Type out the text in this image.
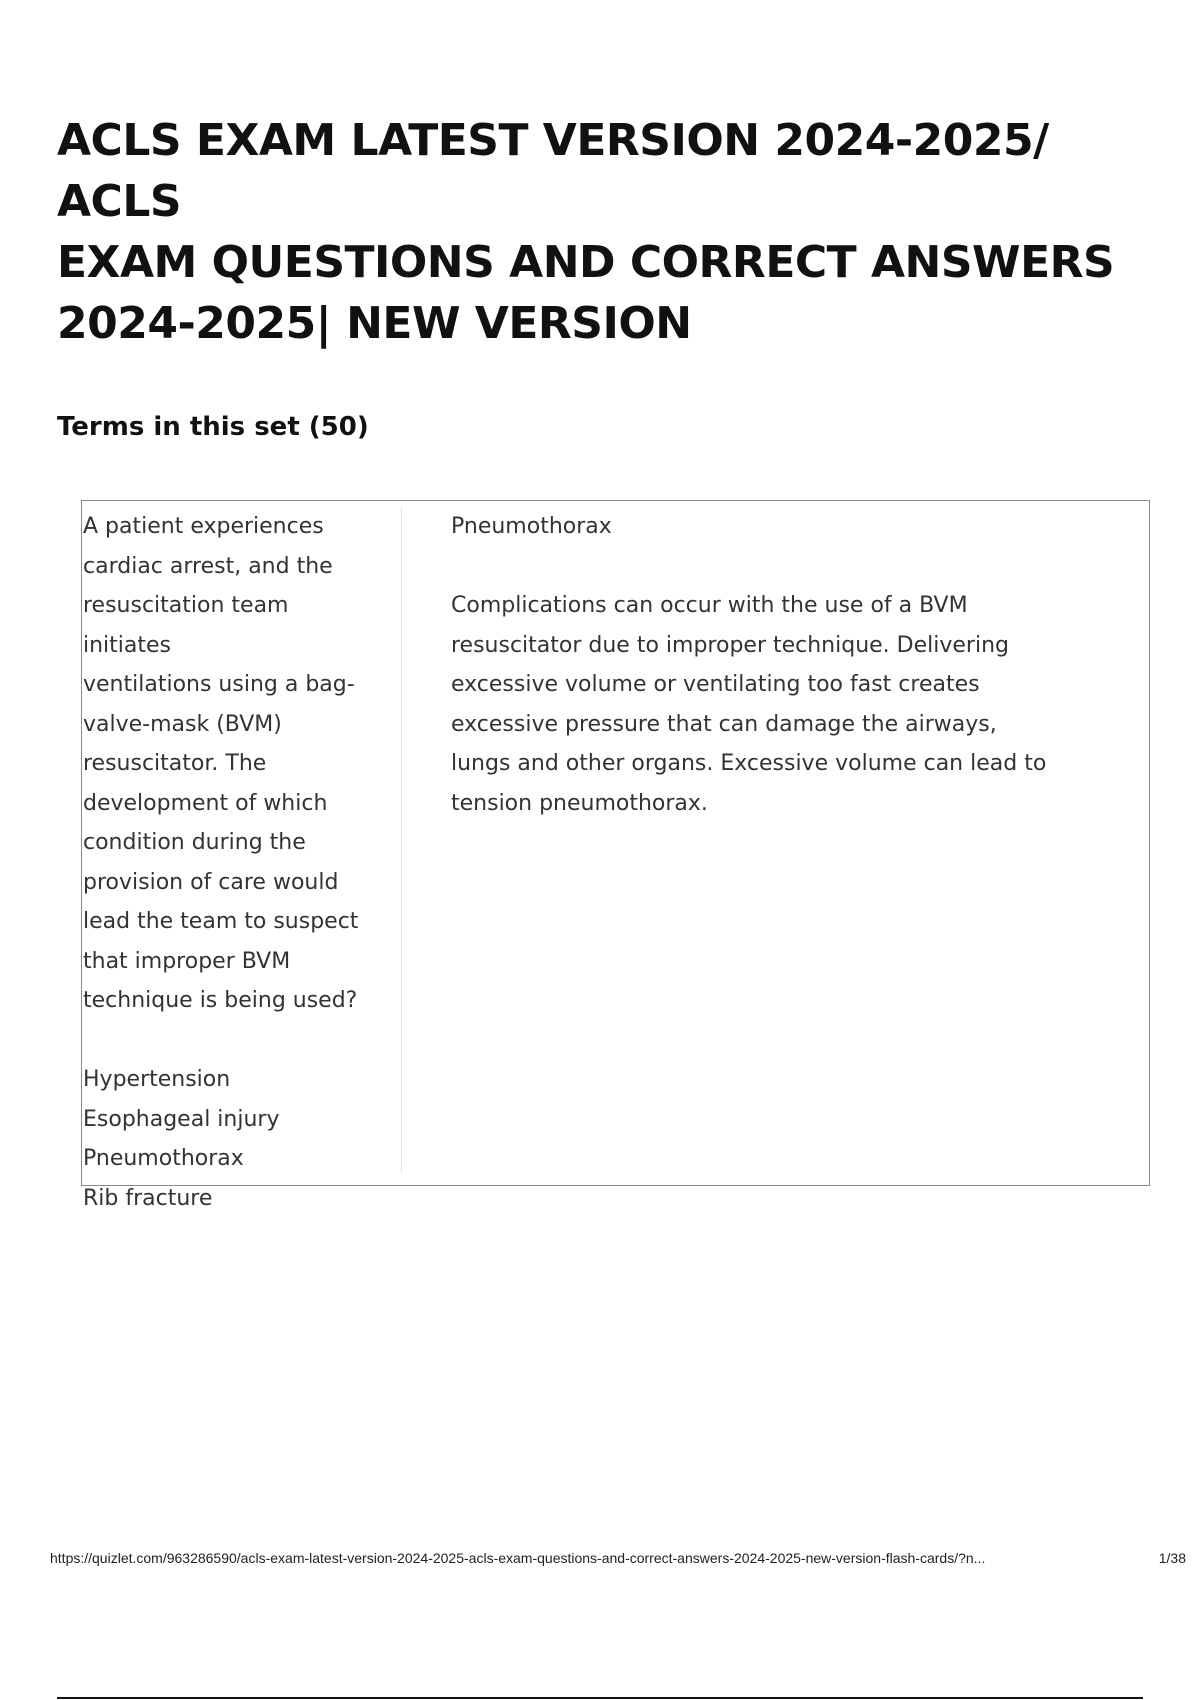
ACLS EXAM LATEST VERSION 2024-2025/ ACLS
EXAM QUESTIONS AND CORRECT ANSWERS
2024-2025| NEW VERSION
Terms in this set (50)
A patient experiences
cardiac arrest, and the
resuscitation team initiates
ventilations using a bag-
valve-mask (BVM)
resuscitator. The
development of which
condition during the
provision of care would
lead the team to suspect
that improper BVM
technique is being used?
Hypertension
Esophageal injury
Pneumothorax
Rib fracture
Pneumothorax
Complications can occur with the use of a BVM
resuscitator due to improper technique. Delivering
excessive volume or ventilating too fast creates
excessive pressure that can damage the airways,
lungs and other organs. Excessive volume can lead to
tension pneumothorax.
https://quizlet.com/963286590/acls-exam-latest-version-2024-2025-acls-exam-questions-and-correct-answers-2024-2025-new-version-flash-cards/?n...	1/38
